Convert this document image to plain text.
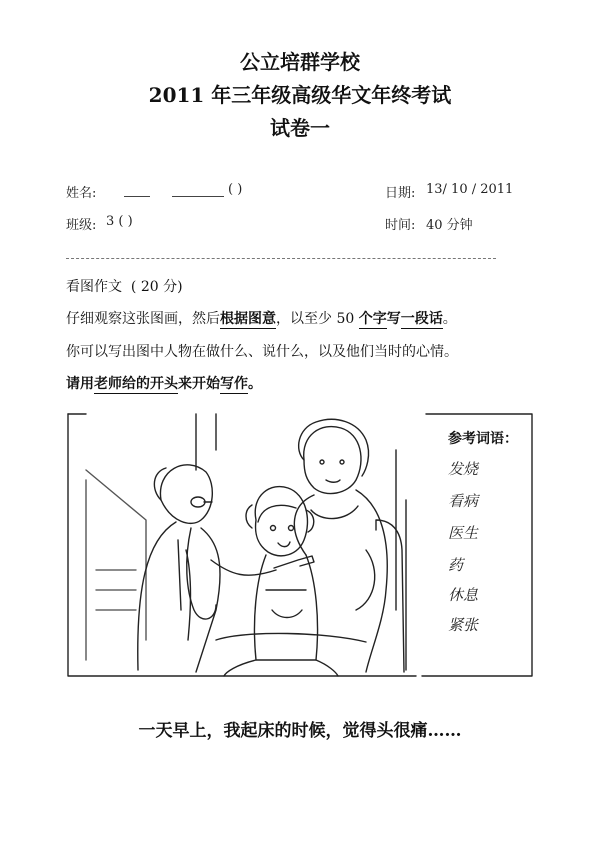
公立培群学校
2011 年三年级高级华文年终考试
试卷一
姓名:	( )	日期: 13/ 10 / 2011
班级: 3 ( )	时间: 40 分钟
看图作文 ( 20 分)
仔细观察这张图画，然后根据图意，以至少 50 个字写一段话。
你可以写出图中人物在做什么、说什么，以及他们当时的心情。
请用老师给的开头来开始写作。
参考词语：
发烧
看病
医生
药
休息
紧张
一天早上，我起床的时候，觉得头很痛……
